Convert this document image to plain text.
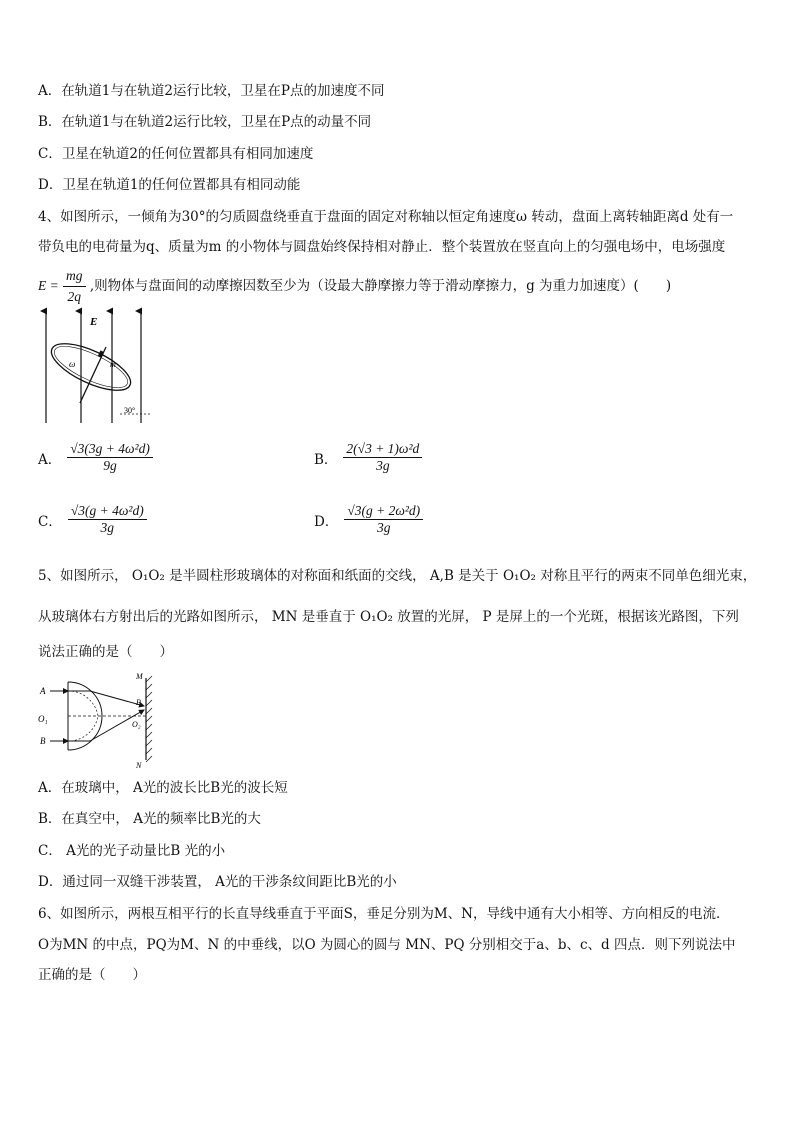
A．在轨道1与在轨道2运行比较，卫星在P点的加速度不同
B．在轨道1与在轨道2运行比较，卫星在P点的动量不同
C．卫星在轨道2的任何位置都具有相同加速度
D．卫星在轨道1的任何位置都具有相同动能
4、如图所示，一倾角为30°的匀质圆盘绕垂直于盘面的固定对称轴以恒定角速度ω 转动，盘面上离转轴距离d 处有一
带负电的电荷量为q、质量为m 的小物体与圆盘始终保持相对静止．整个装置放在竖直向上的匀强电场中，电场强度
$E = \frac{mg}{2q}$ ,则物体与盘面间的动摩擦因数至少为（设最大静摩擦力等于滑动摩擦力，g 为重力加速度）(　　)
E
ω	m
30°
A． $\frac{\text{√3(3g + 4ω²d)}}{9g}$	B． $\frac{\text{2(√3 + 1)ω²d}}{3g}$
C． $\frac{\text{√3(g + 4ω²d)}}{3g}$	D． $\frac{\text{√3(g + 2ω²d)}}{3g}$
5、如图所示， O₁O₂ 是半圆柱形玻璃体的对称面和纸面的交线， A,B 是关于 O₁O₂ 对称且平行的两束不同单色细光束，
从玻璃体右方射出后的光路如图所示， MN 是垂直于 O₁O₂ 放置的光屏， P 是屏上的一个光斑，根据该光路图，下列
说法正确的是（　　）
A
B
O₁
M
N
P
O₂
A．在玻璃中， A光的波长比B光的波长短
B．在真空中， A光的频率比B光的大
C． A光的光子动量比B 光的小
D．通过同一双缝干涉装置， A光的干涉条纹间距比B光的小
6、如图所示，两根互相平行的长直导线垂直于平面S，垂足分别为M、N，导线中通有大小相等、方向相反的电流．
O为MN 的中点，PQ为M、N 的中垂线，以O 为圆心的圆与 MN、PQ 分别相交于a、b、c、d 四点．则下列说法中
正确的是（　　）
